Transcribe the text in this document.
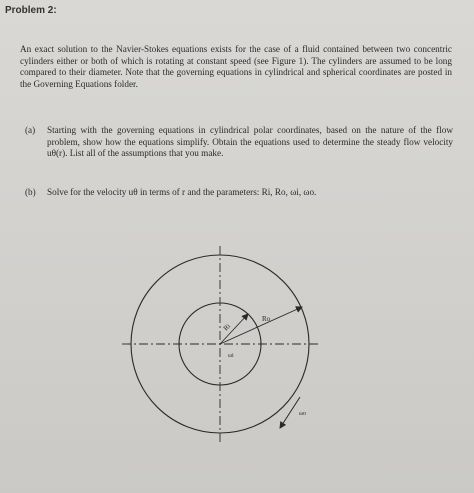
Problem 2:

An exact solution to the Navier-Stokes equations exists for the case of a fluid contained between two concentric cylinders either or both of which is rotating at constant speed (see Figure 1). The cylinders are assumed to be long compared to their diameter. Note that the governing equations in cylindrical and spherical coordinates are posted in the Governing Equations folder.

(a) Starting with the governing equations in cylindrical polar coordinates, based on the nature of the flow problem, show how the equations simplify. Obtain the equations used to determine the steady flow velocity uθ(r). List all of the assumptions that you make.
(b) Solve for the velocity uθ in terms of r and the parameters: Ri, Ro, ωi, ωo.
Ri
Ro
ωi
ωo
